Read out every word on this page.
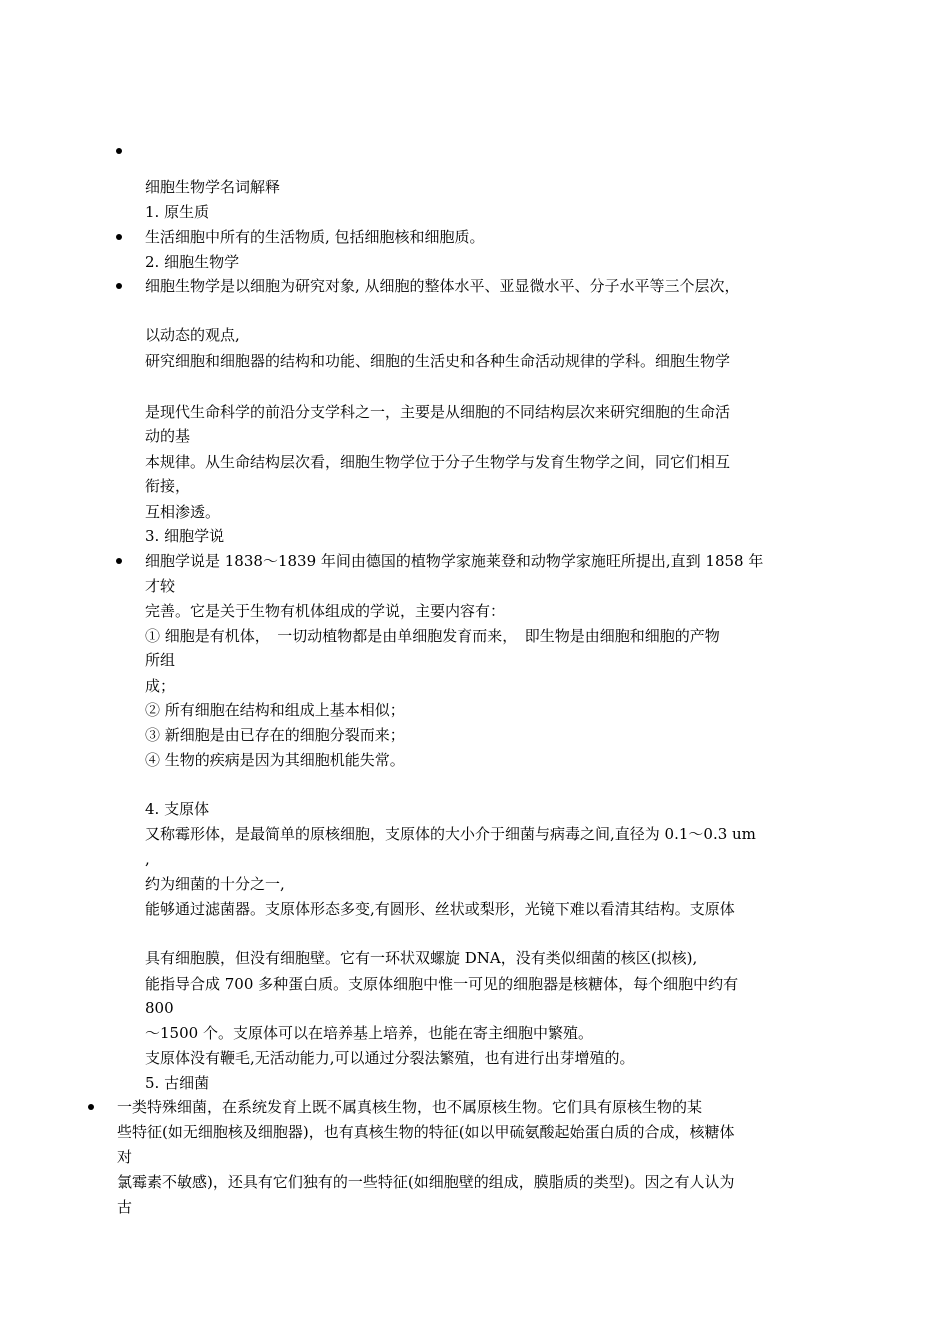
细胞生物学名词解释
1. 原生质
生活细胞中所有的生活物质, 包括细胞核和细胞质。
2. 细胞生物学
细胞生物学是以细胞为研究对象, 从细胞的整体水平、亚显微水平、分子水平等三个层次，
以动态的观点,
研究细胞和细胞器的结构和功能、细胞的生活史和各种生命活动规律的学科。细胞生物学
是现代生命科学的前沿分支学科之一，主要是从细胞的不同结构层次来研究细胞的生命活
动的基
本规律。从生命结构层次看，细胞生物学位于分子生物学与发育生物学之间，同它们相互
衔接，
互相渗透。
3. 细胞学说
细胞学说是 1838～1839 年间由德国的植物学家施莱登和动物学家施旺所提出,直到 1858 年
才较
完善。它是关于生物有机体组成的学说，主要内容有：
① 细胞是有机体，　一切动植物都是由单细胞发育而来，　即生物是由细胞和细胞的产物
所组
成；
② 所有细胞在结构和组成上基本相似；
③ 新细胞是由已存在的细胞分裂而来；
④ 生物的疾病是因为其细胞机能失常。
4. 支原体
又称霉形体，是最简单的原核细胞，支原体的大小介于细菌与病毒之间,直径为 0.1～0.3 um
,
约为细菌的十分之一,
能够通过滤菌器。支原体形态多变,有圆形、丝状或梨形，光镜下难以看清其结构。支原体
具有细胞膜，但没有细胞壁。它有一环状双螺旋 DNA，没有类似细菌的核区(拟核),
能指导合成 700 多种蛋白质。支原体细胞中惟一可见的细胞器是核糖体，每个细胞中约有
800
～1500 个。支原体可以在培养基上培养，也能在寄主细胞中繁殖。
支原体没有鞭毛,无活动能力,可以通过分裂法繁殖，也有进行出芽增殖的。
5. 古细菌
一类特殊细菌，在系统发育上既不属真核生物，也不属原核生物。它们具有原核生物的某
些特征(如无细胞核及细胞器)，也有真核生物的特征(如以甲硫氨酸起始蛋白质的合成，核糖体
对
氯霉素不敏感)，还具有它们独有的一些特征(如细胞壁的组成，膜脂质的类型)。因之有人认为
古
